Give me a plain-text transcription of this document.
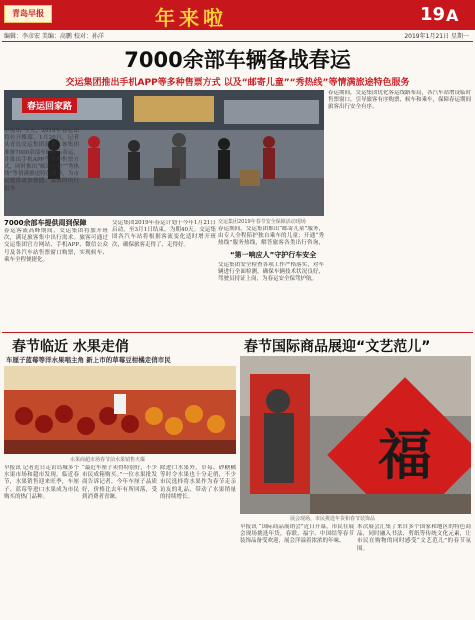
青岛早报	年来啦	19 A
编辑：李彦宏 美编：高鹏 校对：孙洋	2019年1月21日 星期一
7000余部车辆备战春运
交运集团推出手机APP等多种售票方式 以及“邮寄儿童”“秀热线”等情满旅途特色服务
春运回家路
春运期间，交运集团优化客运线路布局，各汽车站增设临时售票窗口，引导旅客有序购票、候车和乘车，保障春运期间旅客出行安全有序。
早报讯 今天，2019年春运即将拉开帷幕。1月20日，记者从青岛交运集团获悉，该集团准备7000余部车辆投入春运，并推出手机APP等多种售票方式，同时推出“邮寄儿童”“秀热线”等情满旅途特色服务，为市民提供更加便捷、温馨的出行服务。
7000余部车提供周到保障
春运客流高峰期间，交运集团将加开班次，满足旅客集中出行需求。旅客可通过交运集团官方网站、手机APP、微信公众号及各汽车站售票窗口购票，实现候车、乘车全程便捷化。
交运集团2019年春运计划于今年1月21日启动，至3月1日结束，为期40天。交运集团各汽车站将根据客流变化适时增开班次，确保旅客走得了、走得好。
交运集团2019年春节安全保障活动现场
春运期间，交运集团推出“邮寄儿童”服务，由专人全程陪护独自乘车的儿童；开通“秀热线”服务热线，解答旅客各类出行咨询，
“第一响应人”守护行车安全
交运集团安全检查各项工作严格落实，对车辆进行全面检测，确保车辆技术状况良好，驾驶员持证上岗，为春运安全保驾护航。
春节临近 水果走俏
车厘子蓝莓等洋水果唱主角 新上市的草莓豆柑橘走俏市民
水果商超市场春节前水果销售火爆
早报讯 记者近日走访岛城多个水果市场和超市发现，临近春节，水果销售迎来旺季，车厘子、蓝莓等进口水果成为市民购买的热门品种。
“最近车厘子卖得特别好，不少市民成箱购买。”一位水果批发商告诉记者，今年车厘子品质好，价格比去年有所回落，受到消费者青睐。
除进口水果外，草莓、砂糖橘等时令水果也十分走俏，不少市民选择将水果作为春节走亲访友的礼品，带动了水果销量的持续增长。
春节国际商品展迎“文艺范儿”
福
展会现场，市民挑选年货和春节装饰品
早报讯 “国际商品展销会”近日开幕，市民在展会现场挑选年货，春联、福字、中国结等春节装饰品备受欢迎，展会洋溢着浓浓的年味。
本次展会汇集了来自多个国家和地区的特色商品，同时融入书法、剪纸等传统文化元素，让市民在购物的同时感受“文艺范儿”的春节氛围。
